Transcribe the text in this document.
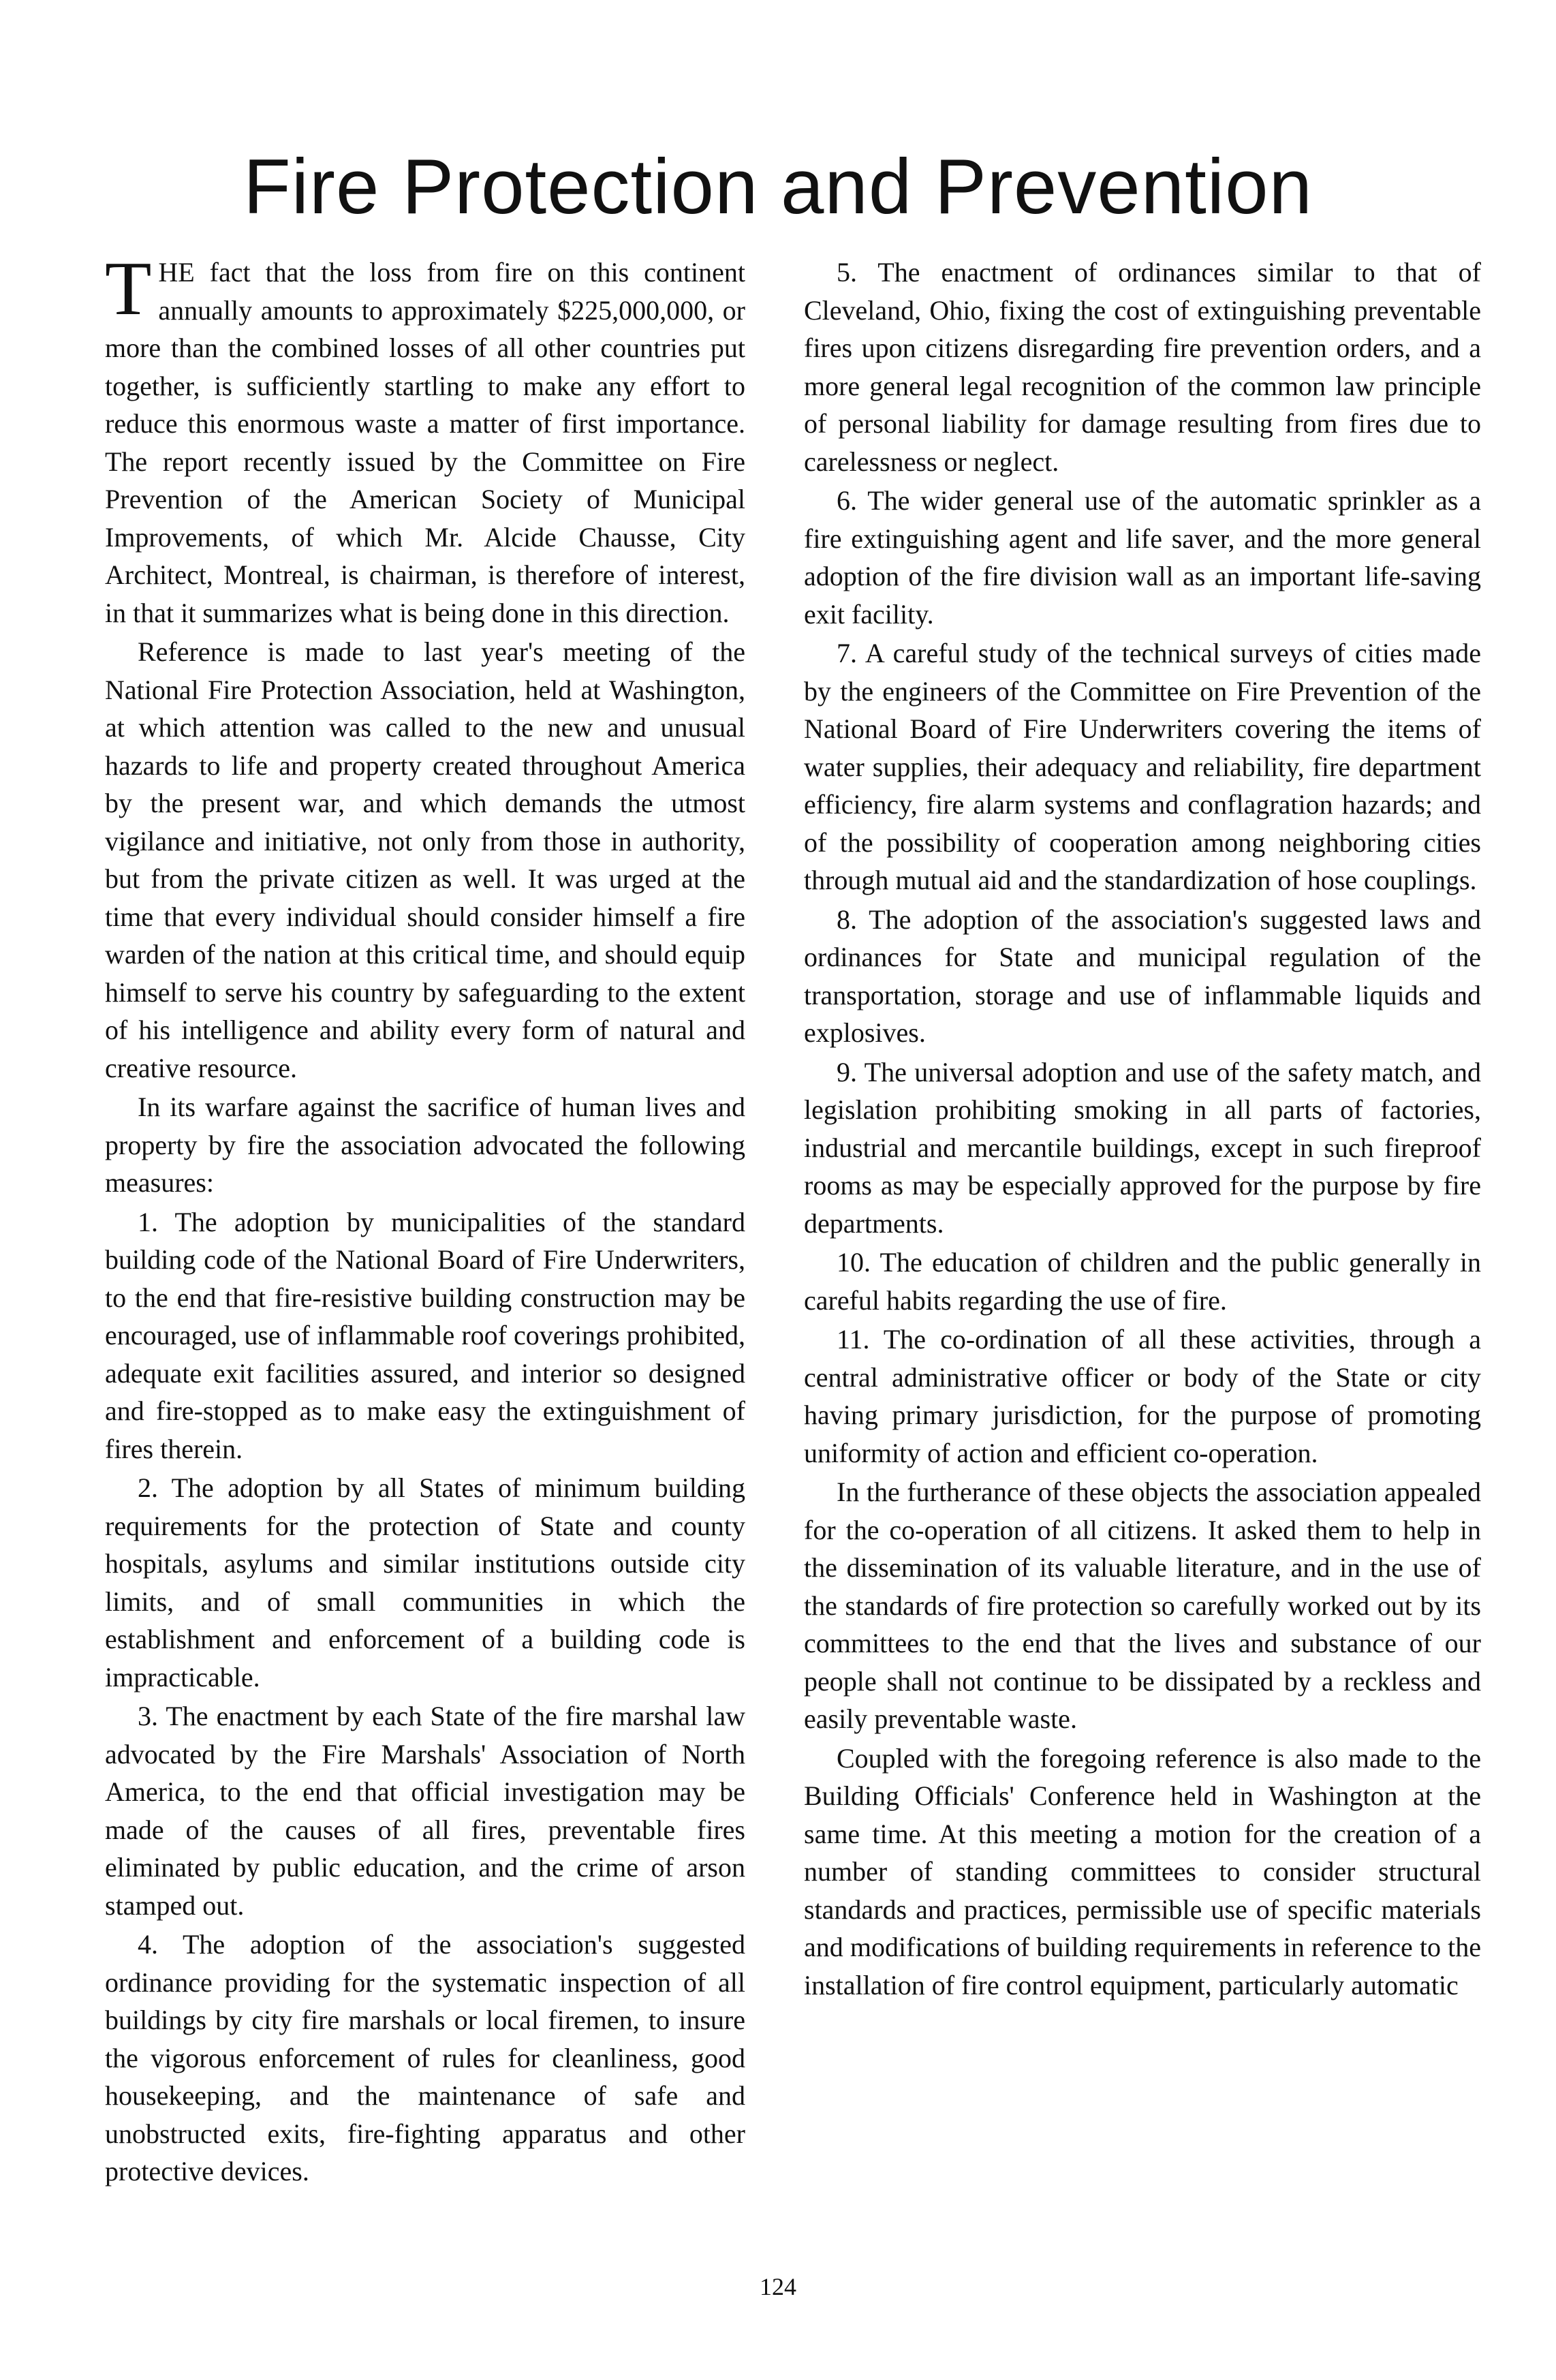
Fire Protection and Prevention

THE fact that the loss from fire on this continent annually amounts to approximately $225,000,000, or more than the combined losses of all other countries put together, is sufficiently startling to make any effort to reduce this enormous waste a matter of first importance. The report recently issued by the Committee on Fire Prevention of the American Society of Municipal Improvements, of which Mr. Alcide Chausse, City Architect, Montreal, is chairman, is therefore of interest, in that it summarizes what is being done in this direction.

Reference is made to last year's meeting of the National Fire Protection Association, held at Washington, at which attention was called to the new and unusual hazards to life and property created throughout America by the present war, and which demands the utmost vigilance and initiative, not only from those in authority, but from the private citizen as well. It was urged at the time that every individual should consider himself a fire warden of the nation at this critical time, and should equip himself to serve his country by safeguarding to the extent of his intelligence and ability every form of natural and creative resource.

In its warfare against the sacrifice of human lives and property by fire the association advocated the following measures:

1. The adoption by municipalities of the standard building code of the National Board of Fire Underwriters, to the end that fire-resistive building construction may be encouraged, use of inflammable roof coverings prohibited, adequate exit facilities assured, and interior so designed and fire-stopped as to make easy the extinguishment of fires therein.

2. The adoption by all States of minimum building requirements for the protection of State and county hospitals, asylums and similar institutions outside city limits, and of small communities in which the establishment and enforcement of a building code is impracticable.

3. The enactment by each State of the fire marshal law advocated by the Fire Marshals' Association of North America, to the end that official investigation may be made of the causes of all fires, preventable fires eliminated by public education, and the crime of arson stamped out.

4. The adoption of the association's suggested ordinance providing for the systematic inspection of all buildings by city fire marshals or local firemen, to insure the vigorous enforcement of rules for cleanliness, good housekeeping, and the maintenance of safe and unobstructed exits, fire-fighting apparatus and other protective devices.

5. The enactment of ordinances similar to that of Cleveland, Ohio, fixing the cost of extinguishing preventable fires upon citizens disregarding fire prevention orders, and a more general legal recognition of the common law principle of personal liability for damage resulting from fires due to carelessness or neglect.

6. The wider general use of the automatic sprinkler as a fire extinguishing agent and life saver, and the more general adoption of the fire division wall as an important life-saving exit facility.

7. A careful study of the technical surveys of cities made by the engineers of the Committee on Fire Prevention of the National Board of Fire Underwriters covering the items of water supplies, their adequacy and reliability, fire department efficiency, fire alarm systems and conflagration hazards; and of the possibility of cooperation among neighboring cities through mutual aid and the standardization of hose couplings.

8. The adoption of the association's suggested laws and ordinances for State and municipal regulation of the transportation, storage and use of inflammable liquids and explosives.

9. The universal adoption and use of the safety match, and legislation prohibiting smoking in all parts of factories, industrial and mercantile buildings, except in such fireproof rooms as may be especially approved for the purpose by fire departments.

10. The education of children and the public generally in careful habits regarding the use of fire.

11. The co-ordination of all these activities, through a central administrative officer or body of the State or city having primary jurisdiction, for the purpose of promoting uniformity of action and efficient co-operation.

In the furtherance of these objects the association appealed for the co-operation of all citizens. It asked them to help in the dissemination of its valuable literature, and in the use of the standards of fire protection so carefully worked out by its committees to the end that the lives and substance of our people shall not continue to be dissipated by a reckless and easily preventable waste.

Coupled with the foregoing reference is also made to the Building Officials' Conference held in Washington at the same time. At this meeting a motion for the creation of a number of standing committees to consider structural standards and practices, permissible use of specific materials and modifications of building requirements in reference to the installation of fire control equipment, particularly automatic

124
